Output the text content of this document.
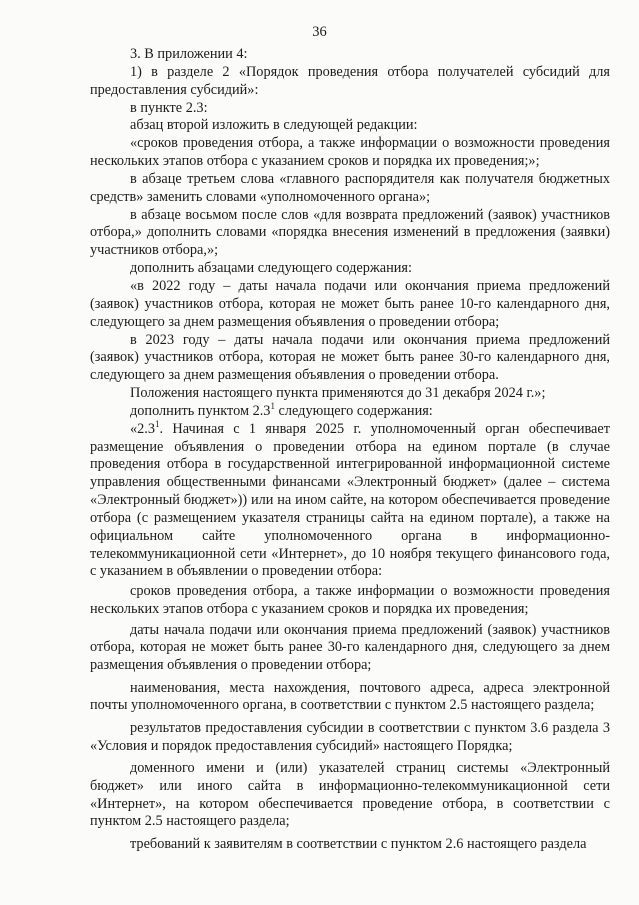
36

3. В приложении 4:

1) в разделе 2 «Порядок проведения отбора получателей субсидий для предоставления субсидий»:

в пункте 2.3:

абзац второй изложить в следующей редакции:

«сроков проведения отбора, а также информации о возможности проведения нескольких этапов отбора с указанием сроков и порядка их проведения;»;

в абзаце третьем слова «главного распорядителя как получателя бюджетных средств» заменить словами «уполномоченного органа»;

в абзаце восьмом после слов «для возврата предложений (заявок) участников отбора,» дополнить словами «порядка внесения изменений в предложения (заявки) участников отбора,»;

дополнить абзацами следующего содержания:

«в 2022 году – даты начала подачи или окончания приема предложений (заявок) участников отбора, которая не может быть ранее 10-го календарного дня, следующего за днем размещения объявления о проведении отбора;

в 2023 году – даты начала подачи или окончания приема предложений (заявок) участников отбора, которая не может быть ранее 30-го календарного дня, следующего за днем размещения объявления о проведении отбора.

Положения настоящего пункта применяются до 31 декабря 2024 г.»;

дополнить пунктом $2.3^1$ следующего содержания:

«$2.3^1$. Начиная с 1 января 2025 г. уполномоченный орган обеспечивает размещение объявления о проведении отбора на едином портале (в случае проведения отбора в государственной интегрированной информационной системе управления общественными финансами «Электронный бюджет» (далее – система «Электронный бюджет»)) или на ином сайте, на котором обеспечивается проведение отбора (с размещением указателя страницы сайта на едином портале), а также на официальном сайте уполномоченного органа в информационно-телекоммуникационной сети «Интернет», до 10 ноября текущего финансового года, с указанием в объявлении о проведении отбора:

сроков проведения отбора, а также информации о возможности проведения нескольких этапов отбора с указанием сроков и порядка их проведения;

даты начала подачи или окончания приема предложений (заявок) участников отбора, которая не может быть ранее 30-го календарного дня, следующего за днем размещения объявления о проведении отбора;

наименования, места нахождения, почтового адреса, адреса электронной почты уполномоченного органа, в соответствии с пунктом 2.5 настоящего раздела;

результатов предоставления субсидии в соответствии с пунктом 3.6 раздела 3 «Условия и порядок предоставления субсидий» настоящего Порядка;

доменного имени и (или) указателей страниц системы «Электронный бюджет» или иного сайта в информационно-телекоммуникационной сети «Интернет», на котором обеспечивается проведение отбора, в соответствии с пунктом 2.5 настоящего раздела;

требований к заявителям в соответствии с пунктом 2.6 настоящего раздела
